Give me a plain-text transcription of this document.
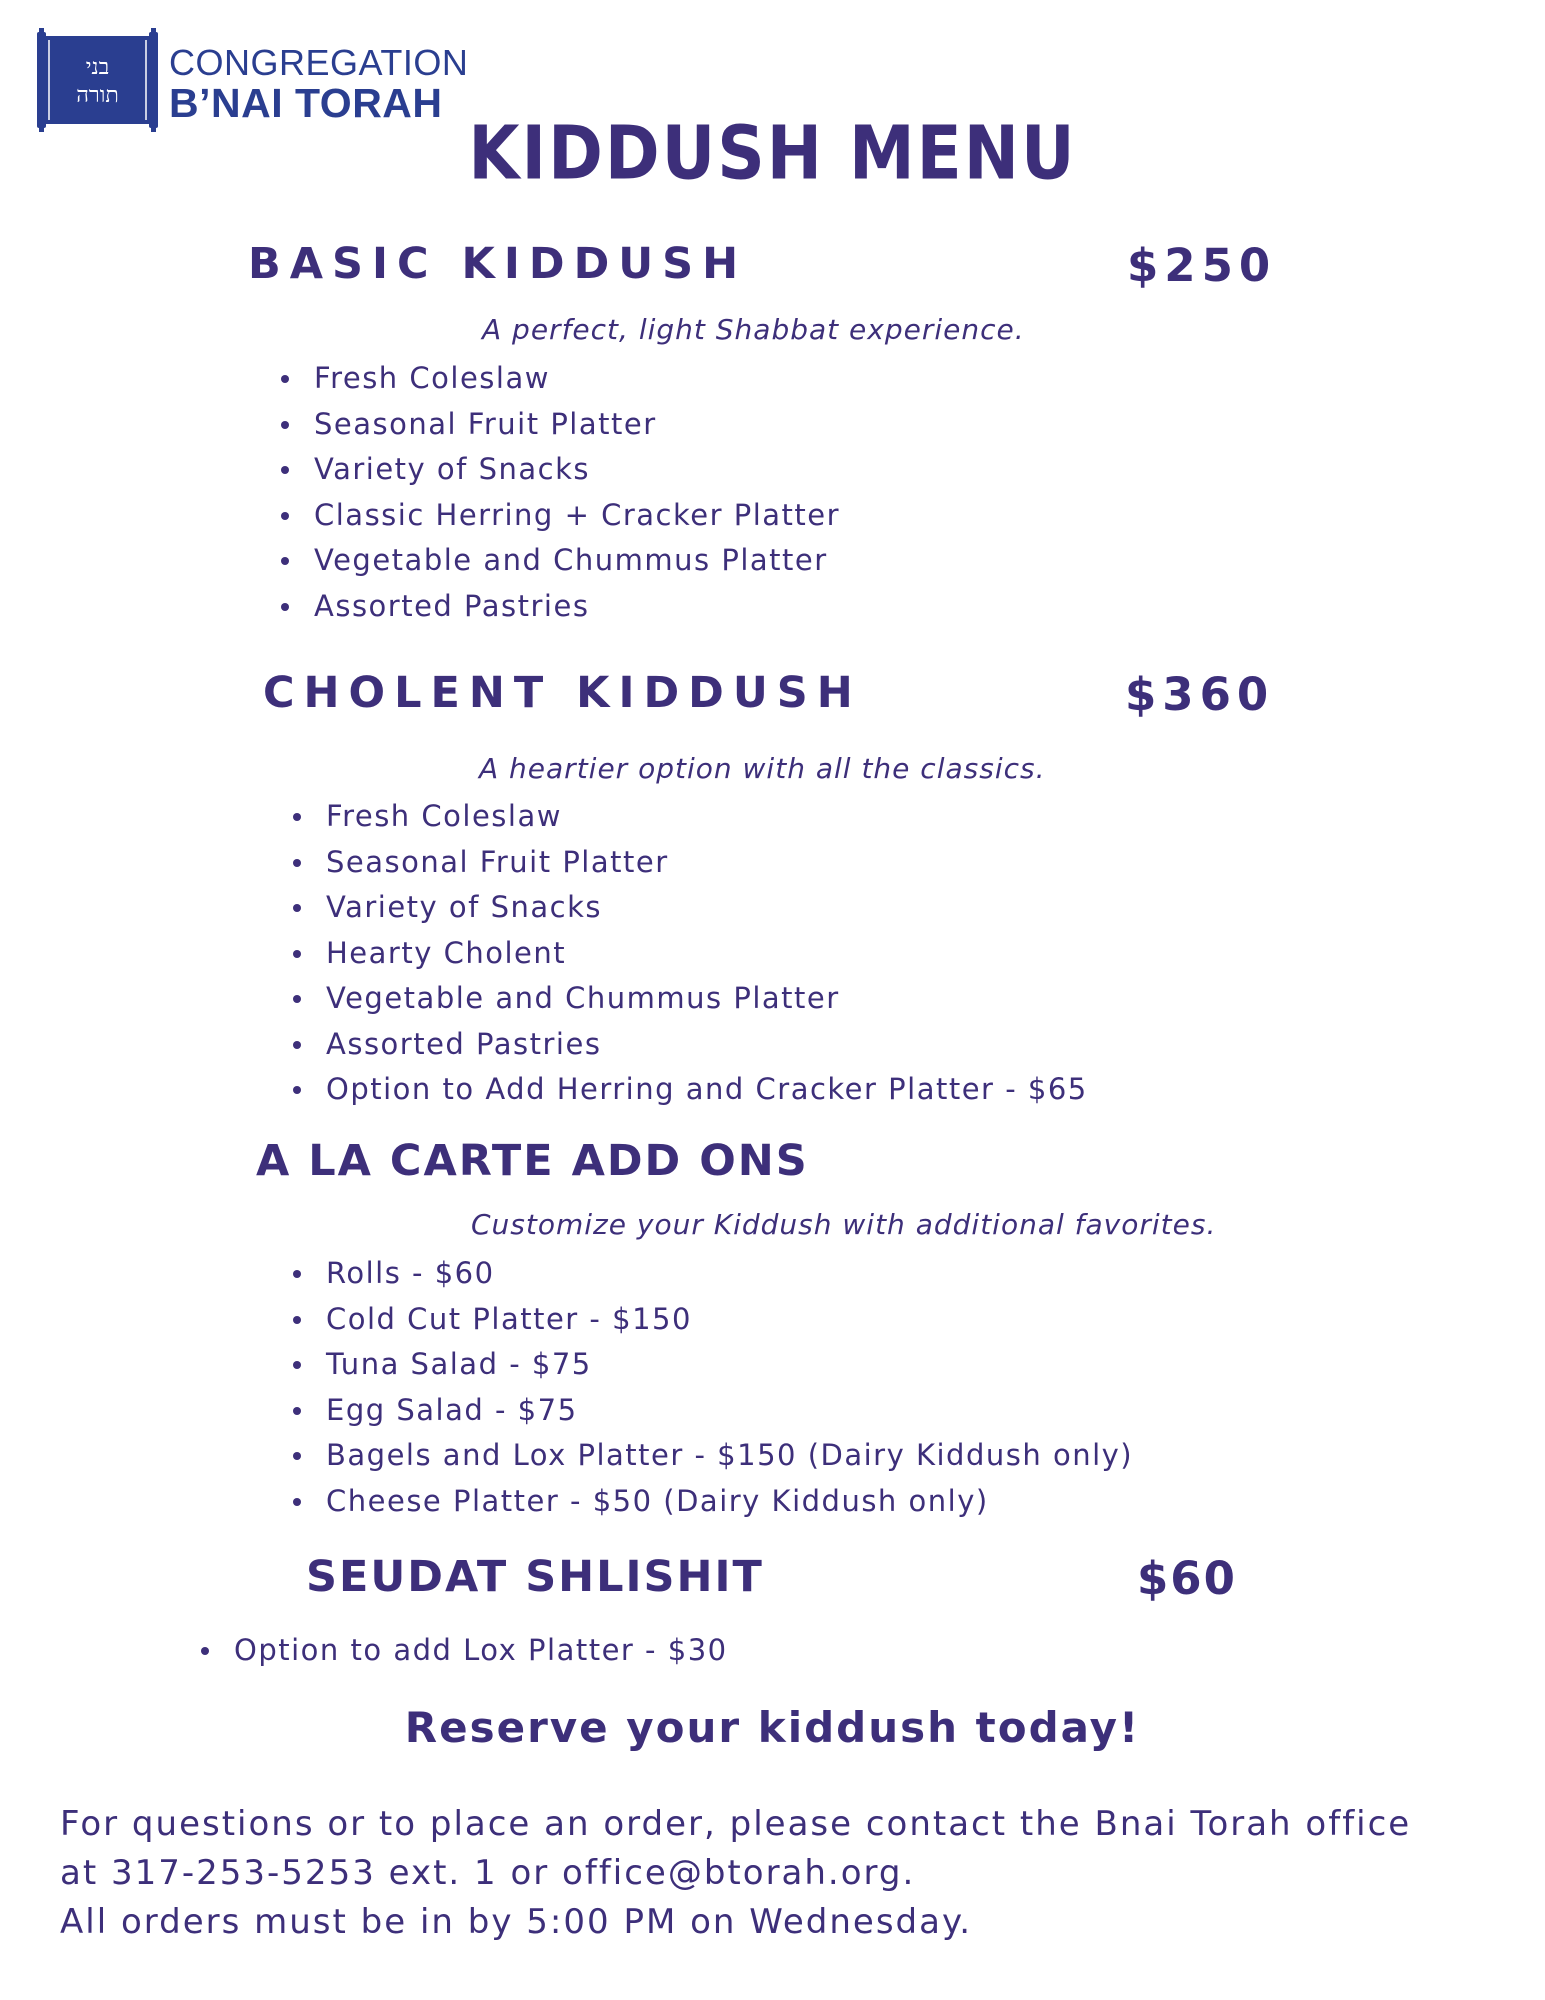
בני
תורה
CONGREGATION
B’NAI TORAH
KIDDUSH MENU
BASIC KIDDUSH	$250
A perfect, light Shabbat experience.
Fresh Coleslaw
Seasonal Fruit Platter
Variety of Snacks
Classic Herring + Cracker Platter
Vegetable and Chummus Platter
Assorted Pastries
CHOLENT KIDDUSH	$360
A heartier option with all the classics.
Fresh Coleslaw
Seasonal Fruit Platter
Variety of Snacks
Hearty Cholent
Vegetable and Chummus Platter
Assorted Pastries
Option to Add Herring and Cracker Platter - $65
A LA CARTE ADD ONS
Customize your Kiddush with additional favorites.
Rolls - $60
Cold Cut Platter - $150
Tuna Salad - $75
Egg Salad - $75
Bagels and Lox Platter - $150 (Dairy Kiddush only)
Cheese Platter - $50 (Dairy Kiddush only)
SEUDAT SHLISHIT	$60
Option to add Lox Platter - $30
Reserve your kiddush today!
For questions or to place an order, please contact the Bnai Torah office
at 317-253-5253 ext. 1 or office@btorah.org.
All orders must be in by 5:00 PM on Wednesday.
